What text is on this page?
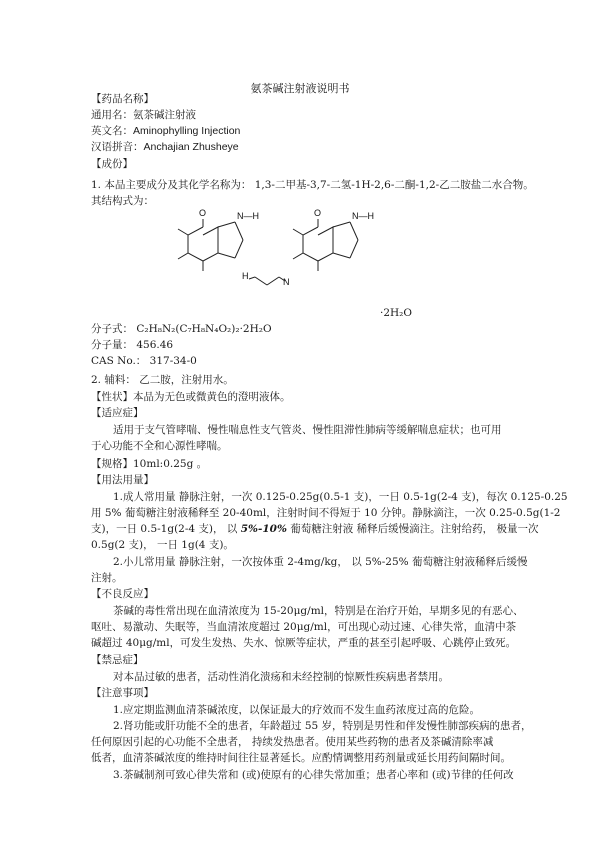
氨茶碱注射液说明书
【药品名称】
通用名：氨茶碱注射液
英文名：Aminophylling Injection
汉语拼音：Anchajian Zhusheye
【成份】
1. 本品主要成分及其化学名称为： 1,3-二甲基-3,7-二氢-1H-2,6-二酮-1,2-乙二胺盐二水合物。
其结构式为：
O	N—H	O	N—H
H
N
·2H₂O
分子式： C₂H₈N₂(C₇H₈N₄O₂)₂·2H₂O
分子量： 456.46
CAS No.： 317-34-0
2. 辅料： 乙二胺，注射用水。
【性状】本品为无色或微黄色的澄明液体。
【适应症】
适用于支气管哮喘、慢性喘息性支气管炎、慢性阻滞性肺病等缓解喘息症状；也可用
于心功能不全和心源性哮喘。
【规格】10ml:0.25g 。
【用法用量】
1.成人常用量 静脉注射，一次 0.125-0.25g(0.5-1 支)，一日 0.5-1g(2-4 支)，每次 0.125-0.25
用 5% 葡萄糖注射液稀释至 20-40ml，注射时间不得短于 10 分钟。静脉滴注，一次 0.25-0.5g(1-2
支)，一日 0.5-1g(2-4 支)， 以 5%-10% 葡萄糖注射液 稀释后缓慢滴注。注射给药， 极量一次
0.5g(2 支)， 一日 1g(4 支)。
2.小儿常用量 静脉注射，一次按体重 2-4mg/kg， 以 5%-25% 葡萄糖注射液稀释后缓慢
注射。
【不良反应】
茶碱的毒性常出现在血清浓度为 15-20μg/ml，特别是在治疗开始，早期多见的有恶心、
呕吐、易激动、失眠等，当血清浓度超过 20μg/ml，可出现心动过速、心律失常，血清中茶
碱超过 40μg/ml，可发生发热、失水、惊厥等症状，严重的甚至引起呼吸、心跳停止致死。
【禁忌症】
对本品过敏的患者，活动性消化溃疡和未经控制的惊厥性疾病患者禁用。
【注意事项】
1.应定期监测血清茶碱浓度，以保证最大的疗效而不发生血药浓度过高的危险。
2.肾功能或肝功能不全的患者，年龄超过 55 岁，特别是男性和伴发慢性肺部疾病的患者，
任何原因引起的心功能不全患者， 持续发热患者。使用某些药物的患者及茶碱清除率减
低者，血清茶碱浓度的维持时间往往显著延长。应酌情调整用药剂量或延长用药间隔时间。
3.茶碱制剂可致心律失常和 (或)使原有的心律失常加重；患者心率和 (或)节律的任何改
